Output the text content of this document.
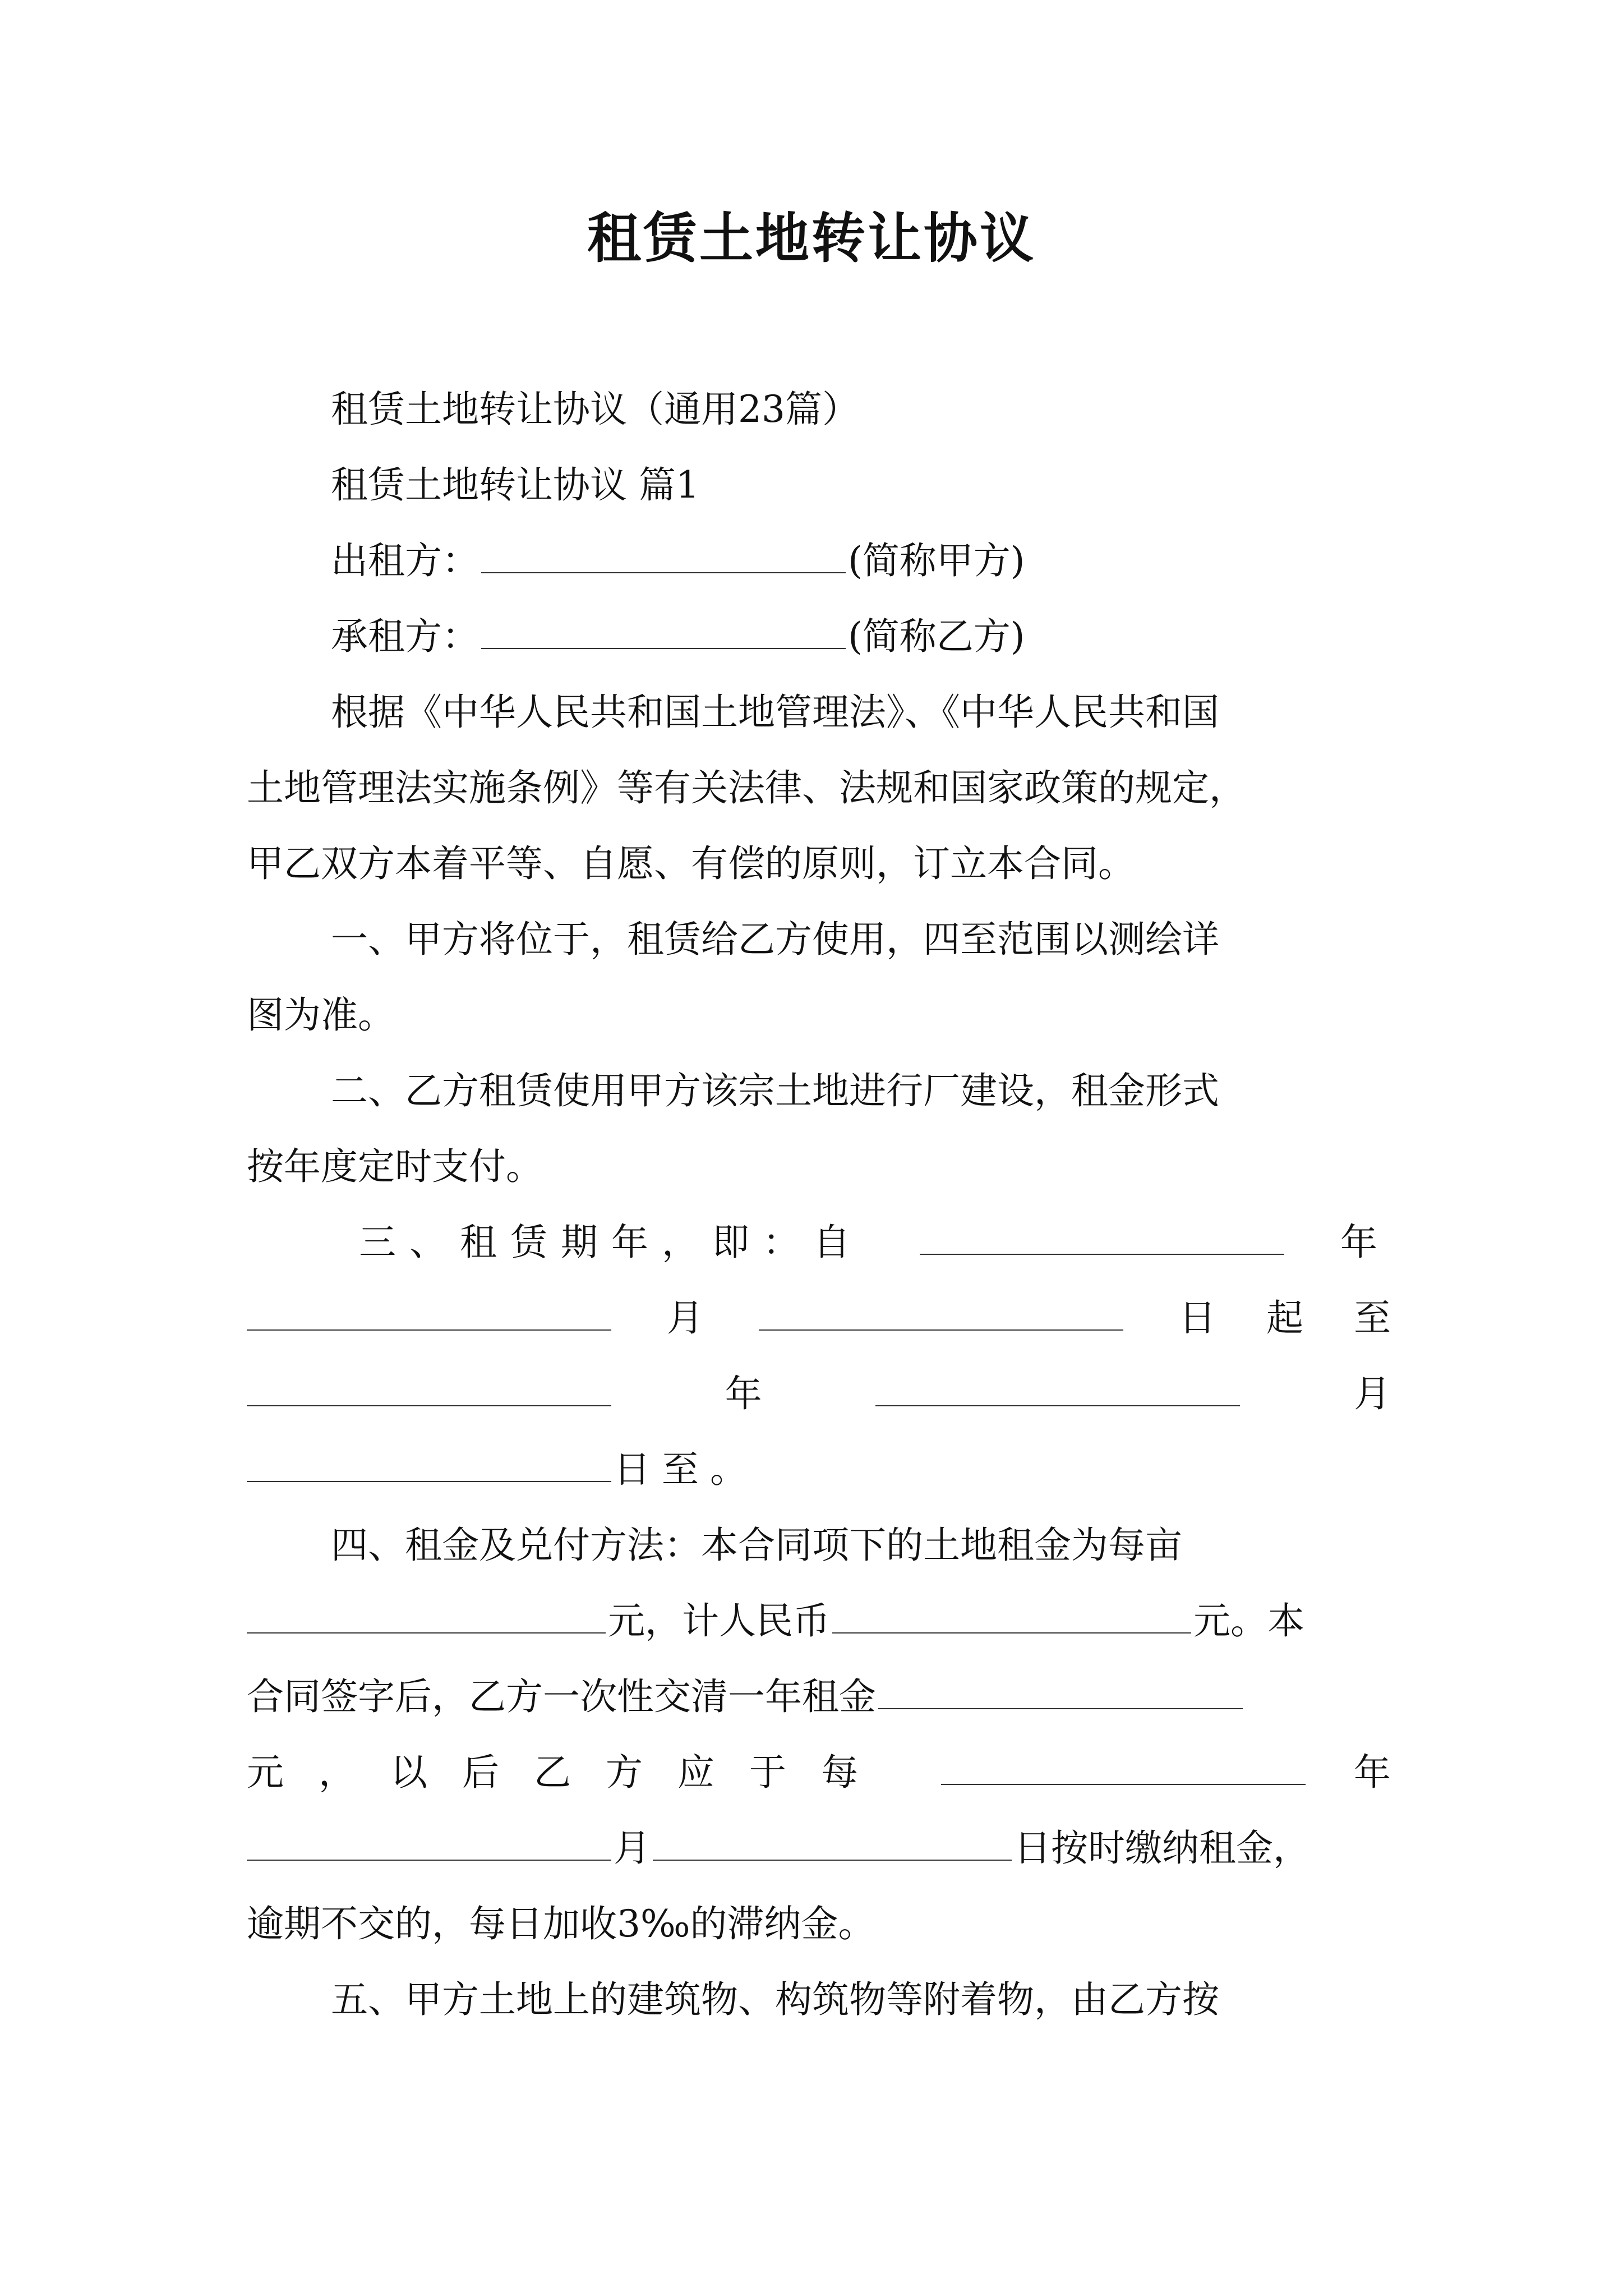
租赁土地转让协议
租赁土地转让协议（通用23篇）
租赁土地转让协议 篇1
出租方：	(简称甲方)
承租方：	(简称乙方)
根据《中华人民共和国土地管理法》、《中华人民共和国
土地管理法实施条例》等有关法律、法规和国家政策的规定，
甲乙双方本着平等、自愿、有偿的原则，订立本合同。
一、甲方将位于，租赁给乙方使用，四至范围以测绘详
图为准。
二、乙方租赁使用甲方该宗土地进行厂建设，租金形式
按年度定时支付。
三、租赁期年，即：自	年
月	日起至
年	月
日至。
四、租金及兑付方法：本合同项下的土地租金为每亩
元，计人民币	元。本
合同签字后，乙方一次性交清一年租金
元，以后乙方应于每	年
月	日按时缴纳租金，
逾期不交的，每日加收3‰的滞纳金。
五、甲方土地上的建筑物、构筑物等附着物，由乙方按
